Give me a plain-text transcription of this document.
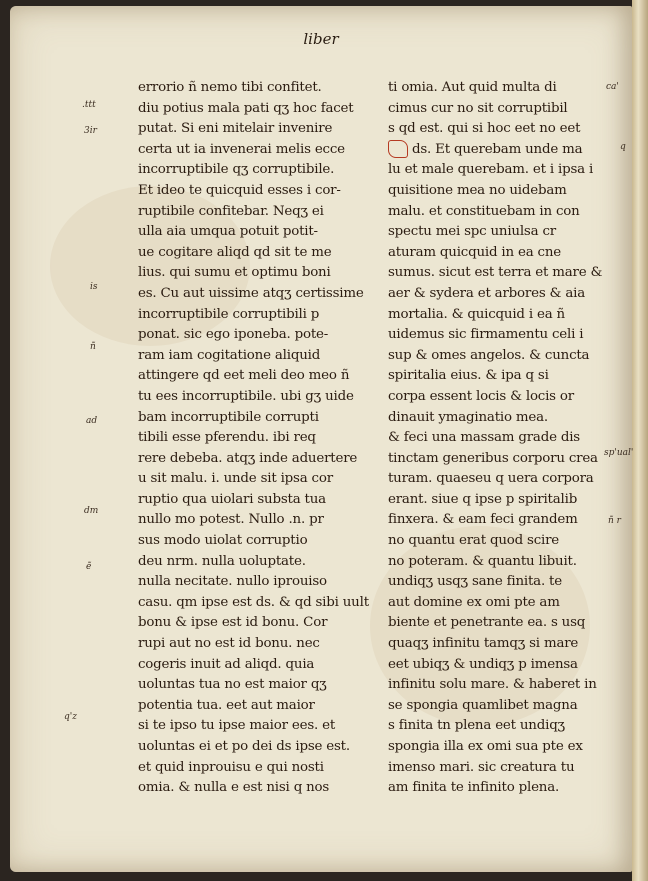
liber
errorio ñ nemo tibi confitet.
diu potius mala pati qʒ hoc facet
putat. Si eni mitelair invenire
certa ut ia invenerai melis ecce
incorruptibile qʒ corruptibile.
Et ideo te quicquid esses i cor-
ruptibile confitebar. Neqʒ ei
ulla aia umqua potuit potit-
ue cogitare aliqd qd sit te me
lius. qui sumu et optimu boni
es. Cu aut uissime atqʒ certissime
incorruptibile corruptibili p
ponat. sic ego iponeba. pote-
ram iam cogitatione aliquid
attingere qd eet meli deo meo ñ
tu ees incorruptibile. ubi gʒ uide
bam incorruptibile corrupti
tibili esse pferendu. ibi req
rere debeba. atqʒ inde aduertere
u sit malu. i. unde sit ipsa cor
ruptio qua uiolari substa tua
nullo mo potest. Nullo .n. pr
sus modo uiolat corruptio
deu nrm. nulla uoluptate.
nulla necitate. nullo iprouiso
casu. qm ipse est ds. & qd sibi uult
bonu & ipse est id bonu. Cor
rupi aut no est id bonu. nec
cogeris inuit ad aliqd. quia
uoluntas tua no est maior qʒ
potentia tua. eet aut maior
si te ipso tu ipse maior ees. et
uoluntas ei et po dei ds ipse est.
et quid inprouisu e qui nosti
omia. & nulla e est nisi q nos
ti omia. Aut quid multa di
cimus cur no sit corruptibil
s qd est. qui si hoc eet no eet
ds. Et querebam unde ma
lu et male querebam. et i ipsa i
quisitione mea no uidebam
malu. et constituebam in con
spectu mei spc uniulsa cr
aturam quicquid in ea cne
sumus. sicut est terra et mare &
aer & sydera et arbores & aia
mortalia. & quicquid i ea ñ
uidemus sic firmamentu celi i
sup & omes angelos. & cuncta
spiritalia eius. & ipa q si
corpa essent locis & locis or
dinauit ymaginatio mea.
& feci una massam grade dis
tinctam generibus corporu crea
turam. quaeseu q uera corpora
erant. siue q ipse p spiritalib
finxera. & eam feci grandem
no quantu erat quod scire
no poteram. & quantu libuit.
undiqʒ usqʒ sane finita. te
aut domine ex omi pte am
biente et penetrante ea. s usq
quaqʒ infinitu tamqʒ si mare
eet ubiqʒ & undiqʒ p imensa
infinitu solu mare. & haberet in
se spongia quamlibet magna
s finita tn plena eet undiqʒ
spongia illa ex omi sua pte ex
imenso mari. sic creatura tu
am finita te infinito plena.
.ttt
3ir
is
ñ
ad
dm
ẽ
q'z
ca'
q
sp'ual'
ñ r
